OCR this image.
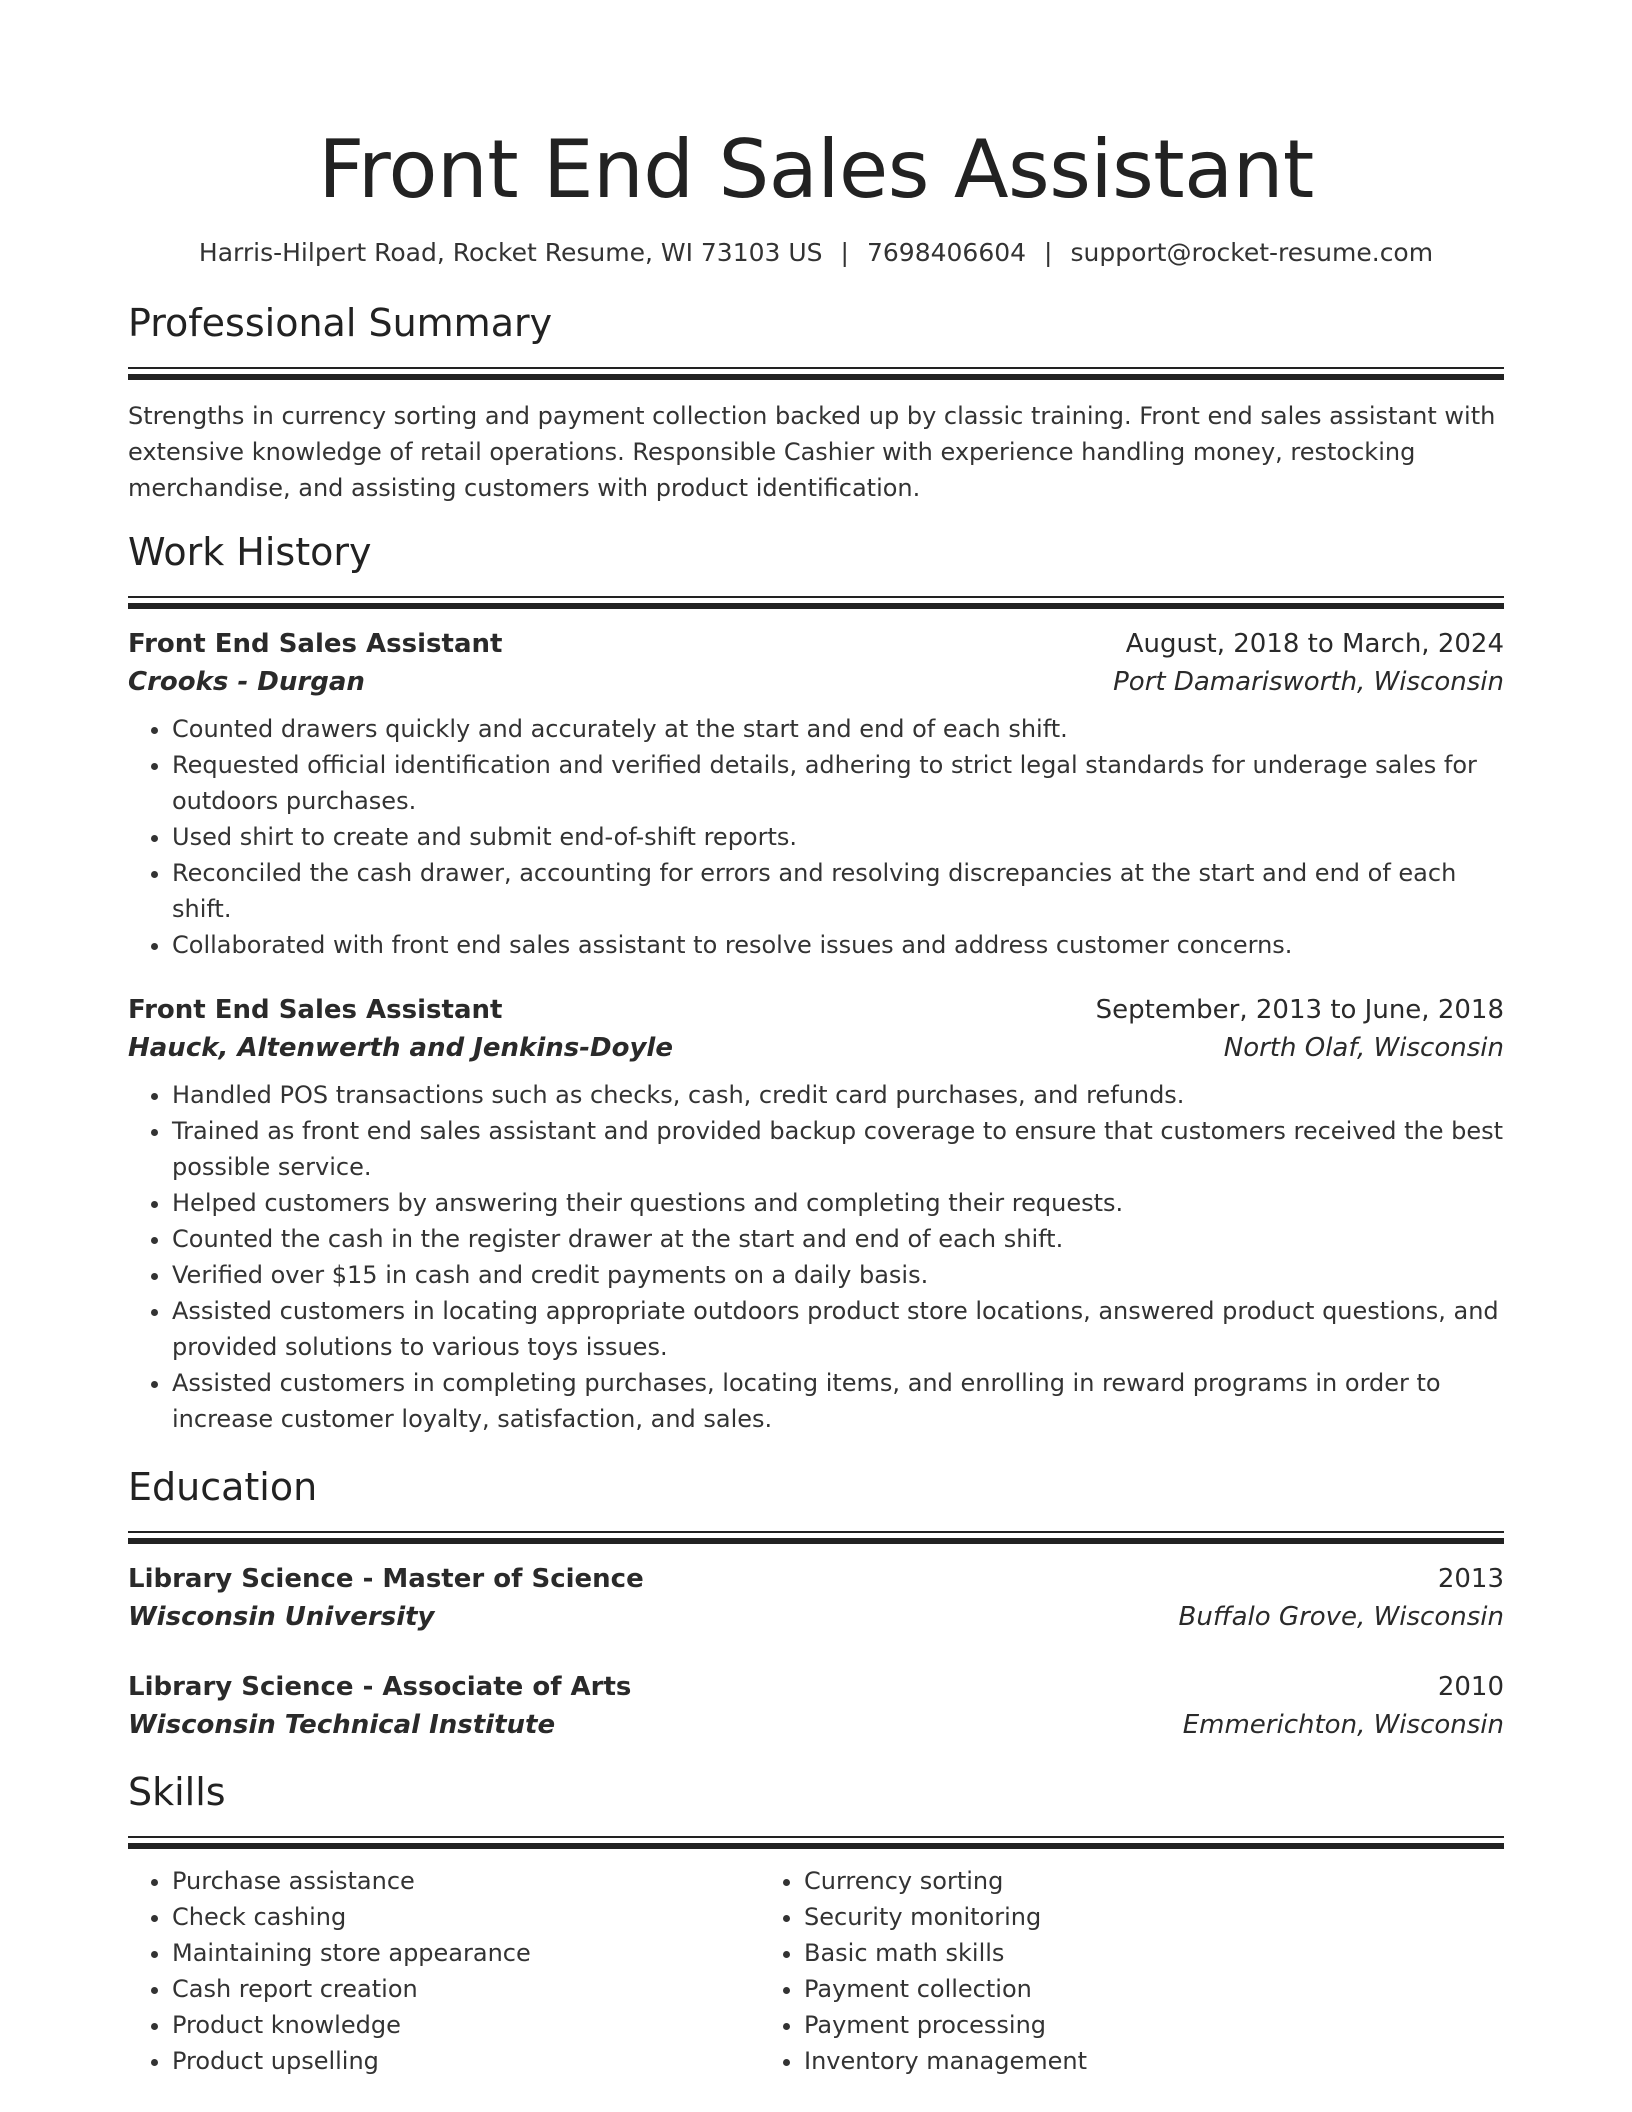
Front End Sales Assistant
Harris-Hilpert Road, Rocket Resume, WI 73103 US | 7698406604 | support@rocket-resume.com
Professional Summary

Strengths in currency sorting and payment collection backed up by classic training. Front end sales assistant with extensive knowledge of retail operations. Responsible Cashier with experience handling money, restocking merchandise, and assisting customers with product identification.

Work History
Front End Sales Assistant	August, 2018 to March, 2024
Crooks - Durgan	Port Damarisworth, Wisconsin
• Counted drawers quickly and accurately at the start and end of each shift.
• Requested official identification and verified details, adhering to strict legal standards for underage sales for outdoors purchases.
• Used shirt to create and submit end-of-shift reports.
• Reconciled the cash drawer, accounting for errors and resolving discrepancies at the start and end of each shift.
• Collaborated with front end sales assistant to resolve issues and address customer concerns.
Front End Sales Assistant	September, 2013 to June, 2018
Hauck, Altenwerth and Jenkins-Doyle	North Olaf, Wisconsin
• Handled POS transactions such as checks, cash, credit card purchases, and refunds.
• Trained as front end sales assistant and provided backup coverage to ensure that customers received the best possible service.
• Helped customers by answering their questions and completing their requests.
• Counted the cash in the register drawer at the start and end of each shift.
• Verified over $15 in cash and credit payments on a daily basis.
• Assisted customers in locating appropriate outdoors product store locations, answered product questions, and provided solutions to various toys issues.
• Assisted customers in completing purchases, locating items, and enrolling in reward programs in order to increase customer loyalty, satisfaction, and sales.
Education
Library Science - Master of Science	2013
Wisconsin University	Buffalo Grove, Wisconsin
Library Science - Associate of Arts	2010
Wisconsin Technical Institute	Emmerichton, Wisconsin
Skills
• Purchase assistance
• Check cashing
• Maintaining store appearance
• Cash report creation
• Product knowledge
• Product upselling
• Currency sorting
• Security monitoring
• Basic math skills
• Payment collection
• Payment processing
• Inventory management
